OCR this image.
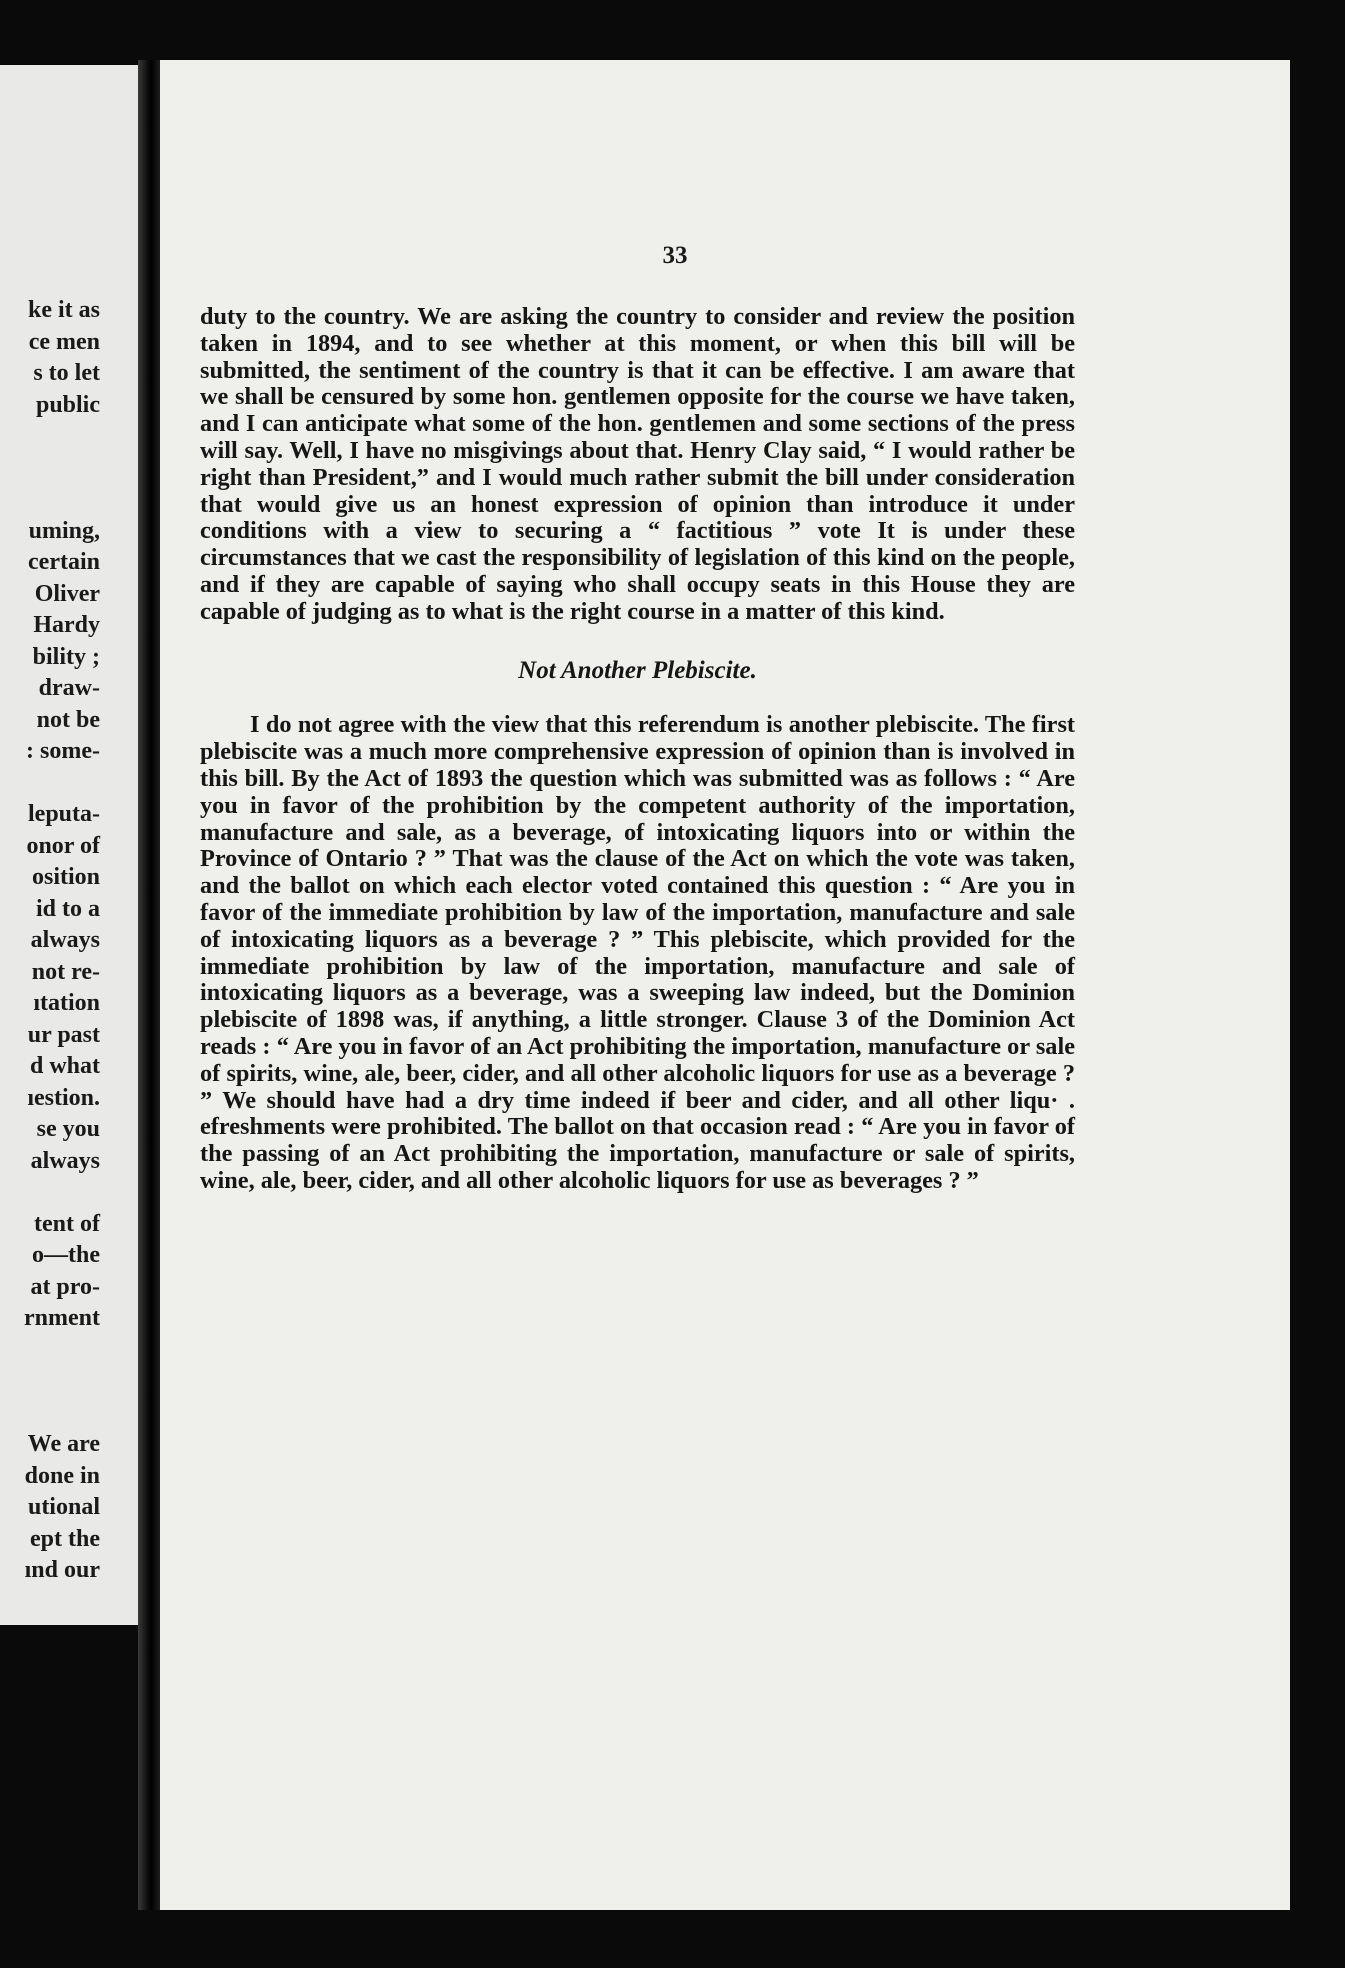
ke it as
ce men
s to let
public
uming,
certain
Oliver
Hardy
bility ;
draw-
not be
: some-
leputa-
onor of
osition
id to a
always
not re-
ıtation
ur past
d what
ıestion.
se you
always
tent of
o—the
at pro-
rnment
We are
done in
utional
ept the
ınd our
33

duty to the country. We are asking the country to consider and review the position taken in 1894, and to see whether at this moment, or when this bill will be submitted, the sentiment of the country is that it can be effective. I am aware that we shall be censured by some hon. gentlemen opposite for the course we have taken, and I can anticipate what some of the hon. gentlemen and some sections of the press will say. Well, I have no misgivings about that. Henry Clay said, “ I would rather be right than President,” and I would much rather submit the bill under consideration that would give us an honest expression of opinion than introduce it under conditions with a view to securing a “ factitious ” vote It is under these circumstances that we cast the responsibility of legislation of this kind on the people, and if they are capable of saying who shall occupy seats in this House they are capable of judging as to what is the right course in a matter of this kind.

Not Another Plebiscite.

I do not agree with the view that this referendum is another plebiscite. The first plebiscite was a much more comprehensive expression of opinion than is involved in this bill. By the Act of 1893 the question which was submitted was as follows : “ Are you in favor of the prohibition by the competent authority of the importation, manufacture and sale, as a beverage, of intoxicating liquors into or within the Province of Ontario ? ” That was the clause of the Act on which the vote was taken, and the ballot on which each elector voted contained this question : “ Are you in favor of the immediate prohibition by law of the importation, manufacture and sale of intoxicating liquors as a beverage ? ” This plebiscite, which provided for the immediate prohibition by law of the importation, manufacture and sale of intoxicating liquors as a beverage, was a sweeping law indeed, but the Dominion plebiscite of 1898 was, if anything, a little stronger. Clause 3 of the Dominion Act reads : “ Are you in favor of an Act prohibiting the importation, manufacture or sale of spirits, wine, ale, beer, cider, and all other alcoholic liquors for use as a beverage ? ” We should have had a dry time indeed if beer and cider, and all other liqu· . efreshments were prohibited. The ballot on that occasion read : “ Are you in favor of the passing of an Act prohibiting the importation, manufacture or sale of spirits, wine, ale, beer, cider, and all other alcoholic liquors for use as beverages ? ”
